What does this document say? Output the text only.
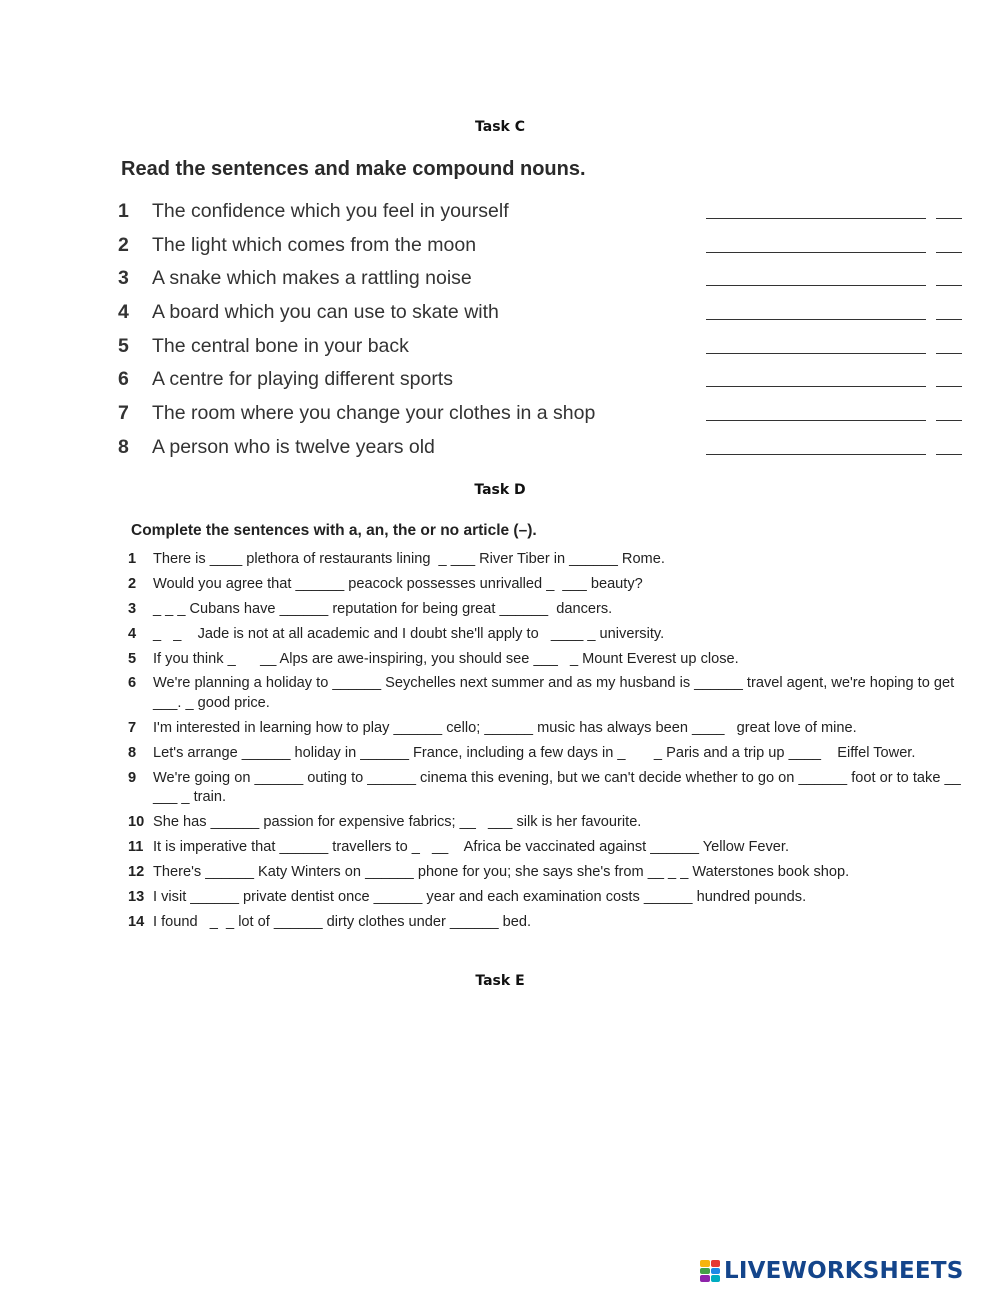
Task C
Read the sentences and make compound nouns.
1	The confidence which you feel in yourself
2	The light which comes from the moon
3	A snake which makes a rattling noise
4	A board which you can use to skate with
5	The central bone in your back
6	A centre for playing different sports
7	The room where you change your clothes in a shop
8	A person who is twelve years old
Task D
Complete the sentences with a, an, the or no article (–).
1	There is ____ plethora of restaurants lining  _ ___ River Tiber in ______ Rome.
2	Would you agree that ______ peacock possesses unrivalled _  ___ beauty?
3	_ _ _ Cubans have ______ reputation for being great ______  dancers.
4	_   _    Jade is not at all academic and I doubt she'll apply to   ____ _ university.
5	If you think _      __ Alps are awe-inspiring, you should see ___   _ Mount Everest up close.
6	We're planning a holiday to ______ Seychelles next summer and as my husband is ______ travel agent, we're hoping to get ___. _ good price.
7	I'm interested in learning how to play ______ cello; ______ music has always been ____   great love of mine.
8	Let's arrange ______ holiday in ______ France, including a few days in _       _ Paris and a trip up ____    Eiffel Tower.
9	We're going on ______ outing to ______ cinema this evening, but we can't decide whether to go on ______ foot or to take __ ___ _ train.
10 She has ______ passion for expensive fabrics; __   ___ silk is her favourite.
11 It is imperative that ______ travellers to _   __    Africa be vaccinated against ______ Yellow Fever.
12 There's ______ Katy Winters on ______ phone for you; she says she's from __ _ _ Waterstones book shop.
13 I visit ______ private dentist once ______ year and each examination costs ______ hundred pounds.
14 I found   _  _ lot of ______ dirty clothes under ______ bed.
Task E
LIVEWORKSHEETS
